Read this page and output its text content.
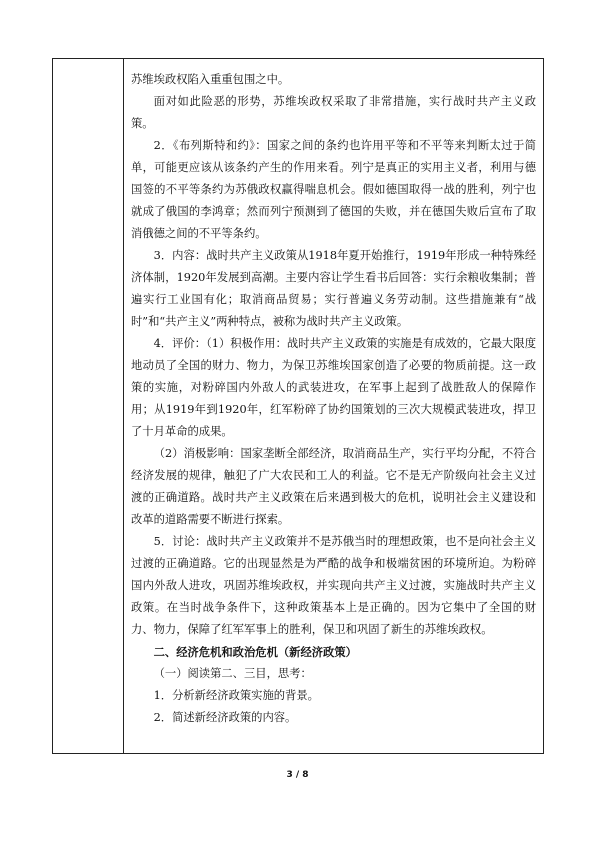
苏维埃政权陷入重重包围之中。

面对如此险恶的形势，苏维埃政权采取了非常措施，实行战时共产主义政策。

2．《布列斯特和约》：国家之间的条约也许用平等和不平等来判断太过于简单，可能更应该从该条约产生的作用来看。列宁是真正的实用主义者，利用与德国签的不平等条约为苏俄政权赢得喘息机会。假如德国取得一战的胜利，列宁也就成了俄国的李鸿章；然而列宁预测到了德国的失败，并在德国失败后宣布了取消俄德之间的不平等条约。

3．内容：战时共产主义政策从1918年夏开始推行，1919年形成一种特殊经济体制，1920年发展到高潮。主要内容让学生看书后回答：实行余粮收集制；普遍实行工业国有化；取消商品贸易；实行普遍义务劳动制。这些措施兼有“战时”和“共产主义”两种特点，被称为战时共产主义政策。

4．评价：（1）积极作用：战时共产主义政策的实施是有成效的，它最大限度地动员了全国的财力、物力，为保卫苏维埃国家创造了必要的物质前提。这一政策的实施，对粉碎国内外敌人的武装进攻，在军事上起到了战胜敌人的保障作用；从1919年到1920年，红军粉碎了协约国策划的三次大规模武装进攻，捍卫了十月革命的成果。

（2）消极影响：国家垄断全部经济，取消商品生产，实行平均分配，不符合经济发展的规律，触犯了广大农民和工人的利益。它不是无产阶级向社会主义过渡的正确道路。战时共产主义政策在后来遇到极大的危机，说明社会主义建设和改革的道路需要不断进行探索。

5．讨论：战时共产主义政策并不是苏俄当时的理想政策，也不是向社会主义过渡的正确道路。它的出现显然是为严酷的战争和极端贫困的环境所迫。为粉碎国内外敌人进攻，巩固苏维埃政权，并实现向共产主义过渡，实施战时共产主义政策。在当时战争条件下，这种政策基本上是正确的。因为它集中了全国的财力、物力，保障了红军军事上的胜利，保卫和巩固了新生的苏维埃政权。

二、经济危机和政治危机（新经济政策）

（一）阅读第二、三目，思考：

1．分析新经济政策实施的背景。

2．简述新经济政策的内容。

3 / 8
